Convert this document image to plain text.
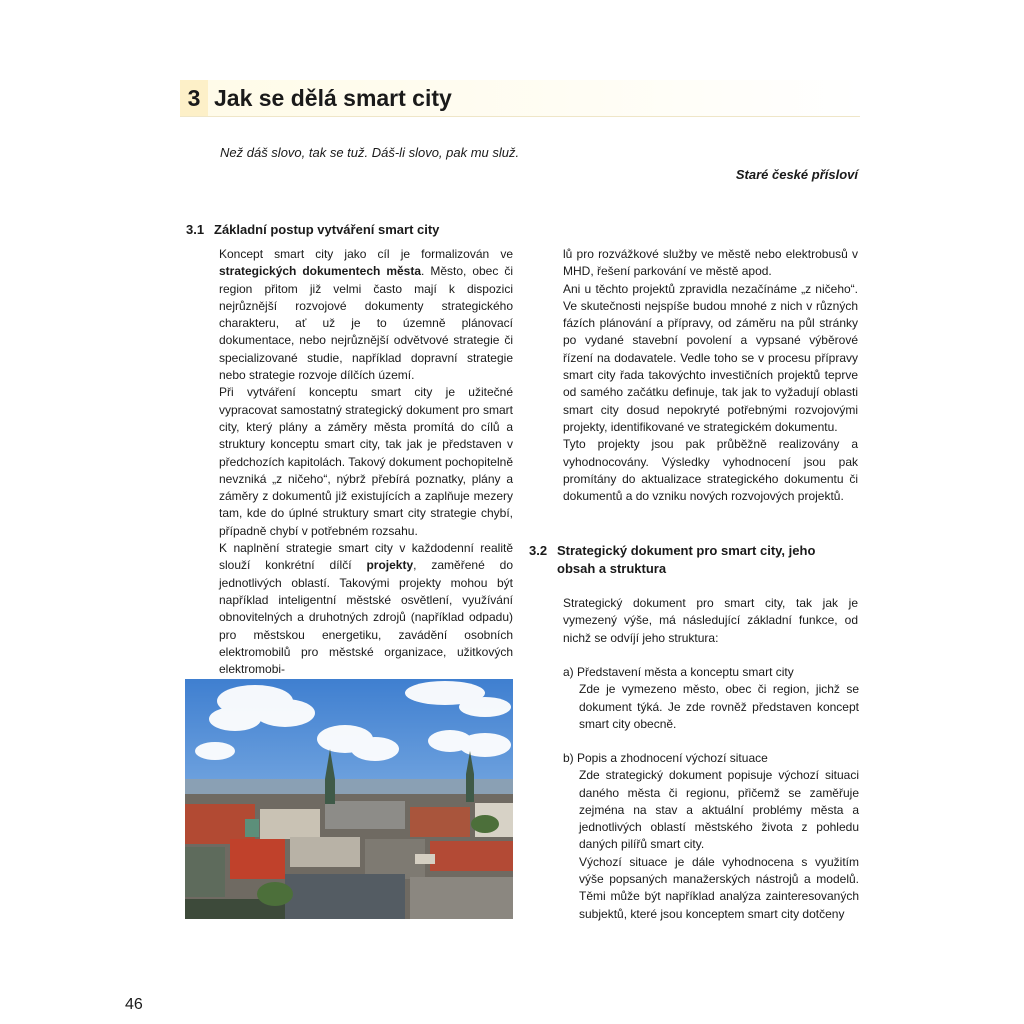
3 Jak se dělá smart city
Než dáš slovo, tak se tuž. Dáš-li slovo, pak mu služ.
Staré české přísloví
3.1 Základní postup vytváření smart city

Koncept smart city jako cíl je formalizován ve strategických dokumentech města. Město, obec či region přitom již velmi často mají k dispozici nejrůznější rozvojové dokumenty strategického charakteru, ať už je to územně plánovací dokumentace, nebo nejrůznější odvětvové strategie či specializované studie, například dopravní strategie nebo strategie rozvoje dílčích území.

Při vytváření konceptu smart city je užitečné vypracovat samostatný strategický dokument pro smart city, který plány a záměry města promítá do cílů a struktury konceptu smart city, tak jak je představen v předchozích kapitolách. Takový dokument pochopitelně nevzniká „z ničeho“, nýbrž přebírá poznatky, plány a záměry z dokumentů již existujících a zaplňuje mezery tam, kde do úplné struktury smart city strategie chybí, případně chybí v potřebném rozsahu.

K naplnění strategie smart city v každodenní realitě slouží konkrétní dílčí projekty, zaměřené do jednotlivých oblastí. Takovými projekty mohou být například inteligentní městské osvětlení, využívání obnovitelných a druhotných zdrojů (například odpadu) pro městskou energetiku, zavádění osobních elektromobilů pro městské organizace, užitkových elektromobi-

lů pro rozvážkové služby ve městě nebo elektrobusů v MHD, řešení parkování ve městě apod.

Ani u těchto projektů zpravidla nezačínáme „z ničeho“. Ve skutečnosti nejspíše budou mnohé z nich v různých fázích plánování a přípravy, od záměru na půl stránky po vydané stavební povolení a vypsané výběrové řízení na dodavatele. Vedle toho se v procesu přípravy smart city řada takovýchto investičních projektů teprve od samého začátku definuje, tak jak to vyžadují oblasti smart city dosud nepokryté potřebnými rozvojovými projekty, identifikované ve strategickém dokumentu.

Tyto projekty jsou pak průběžně realizovány a vyhodnocovány. Výsledky vyhodnocení jsou pak promítány do aktualizace strategického dokumentu či dokumentů a do vzniku nových rozvojových projektů.

3.2 Strategický dokument pro smart city, jeho
obsah a struktura
Strategický dokument pro smart city, tak jak je vymezený výše, má následující základní funkce, od nichž se odvíjí jeho struktura:
a) Představení města a konceptu smart city
Zde je vymezeno město, obec či region, jichž se dokument týká. Je zde rovněž představen koncept smart city obecně.
b) Popis a zhodnocení výchozí situace
Zde strategický dokument popisuje výchozí situaci daného města či regionu, přičemž se zaměřuje zejména na stav a aktuální problémy města a jednotlivých oblastí městského života z pohledu daných pilířů smart city.
Výchozí situace je dále vyhodnocena s využitím výše popsaných manažerských nástrojů a modelů. Těmi může být například analýza zainteresovaných subjektů, které jsou konceptem smart city dotčeny
46
